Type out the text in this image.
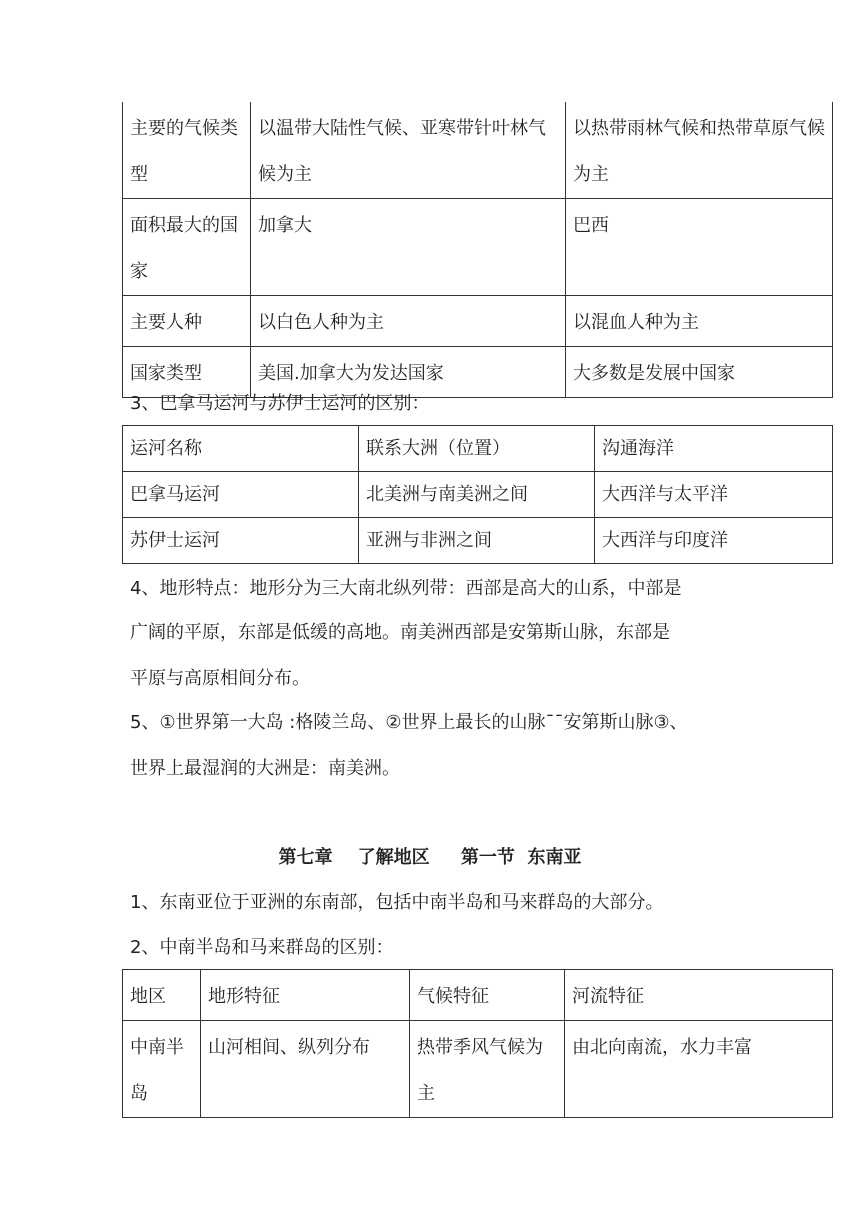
主要的气候类型	以温带大陆性气候、亚寒带针叶林气候为主	以热带雨林气候和热带草原气候为主
面积最大的国家	加拿大	巴西
主要人种	以白色人种为主	以混血人种为主
国家类型	美国.加拿大为发达国家	大多数是发展中国家
3、巴拿马运河与苏伊士运河的区别：
运河名称	联系大洲（位置）	沟通海洋
巴拿马运河	北美洲与南美洲之间	大西洋与太平洋
苏伊士运河	亚洲与非洲之间	大西洋与印度洋
4、地形特点：地形分为三大南北纵列带：西部是高大的山系，中部是
广阔的平原，东部是低缓的高地。南美洲西部是安第斯山脉，东部是
平原与高原相间分布。
5、①世界第一大岛 :格陵兰岛、②世界上最长的山脉¯¯安第斯山脉③、
世界上最湿润的大洲是：南美洲。
第七章    了解地区     第一节  东南亚
1、东南亚位于亚洲的东南部，包括中南半岛和马来群岛的大部分。
2、中南半岛和马来群岛的区别：
地区	地形特征	气候特征	河流特征
中南半岛	山河相间、纵列分布	热带季风气候为主	由北向南流，水力丰富
